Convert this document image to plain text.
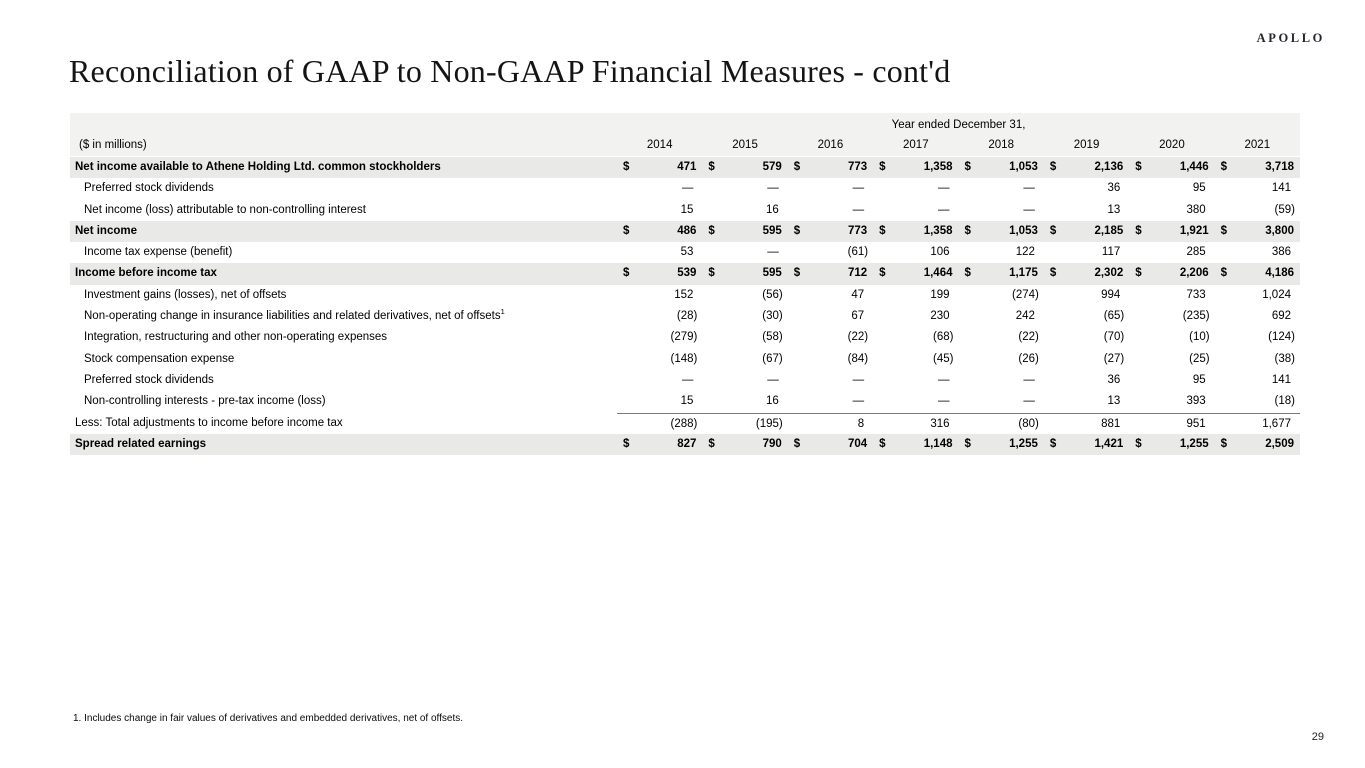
APOLLO
Reconciliation of GAAP to Non-GAAP Financial Measures - cont'd
Year ended December 31,
($ in millions)	2014	2015	2016	2017	2018	2019	2020	2021
Net income available to Athene Holding Ltd. common stockholders	$	471 $	579 $	773 $	1,358 $	1,053 $	2,136 $	1,446 $	3,718
Preferred stock dividends	—	—	—	—	—	36	95	141
Net income (loss) attributable to non-controlling interest	15	16	—	—	—	13	380	(59)
Net income	$	486 $	595 $	773 $	1,358 $	1,053 $	2,185 $	1,921 $	3,800
Income tax expense (benefit)	53	—	(61)	106	122	117	285	386
Income before income tax	$	539 $	595 $	712 $	1,464 $	1,175 $	2,302 $	2,206 $	4,186
Investment gains (losses), net of offsets	152	(56)	47	199	(274)	994	733	1,024
Non-operating change in insurance liabilities and related derivatives, net of offsets$^1$	(28)	(30)	67	230	242	(65)	(235)	692
Integration, restructuring and other non-operating expenses	(279)	(58)	(22)	(68)	(22)	(70)	(10)	(124)
Stock compensation expense	(148)	(67)	(84)	(45)	(26)	(27)	(25)	(38)
Preferred stock dividends	—	—	—	—	—	36	95	141
Non-controlling interests - pre-tax income (loss)	15	16	—	—	—	13	393	(18)
Less: Total adjustments to income before income tax	(288)	(195)	8	316	(80)	881	951	1,677
Spread related earnings	$	827 $	790 $	704 $	1,148 $	1,255 $	1,421 $	1,255 $	2,509
1. Includes change in fair values of derivatives and embedded derivatives, net of offsets.
29
